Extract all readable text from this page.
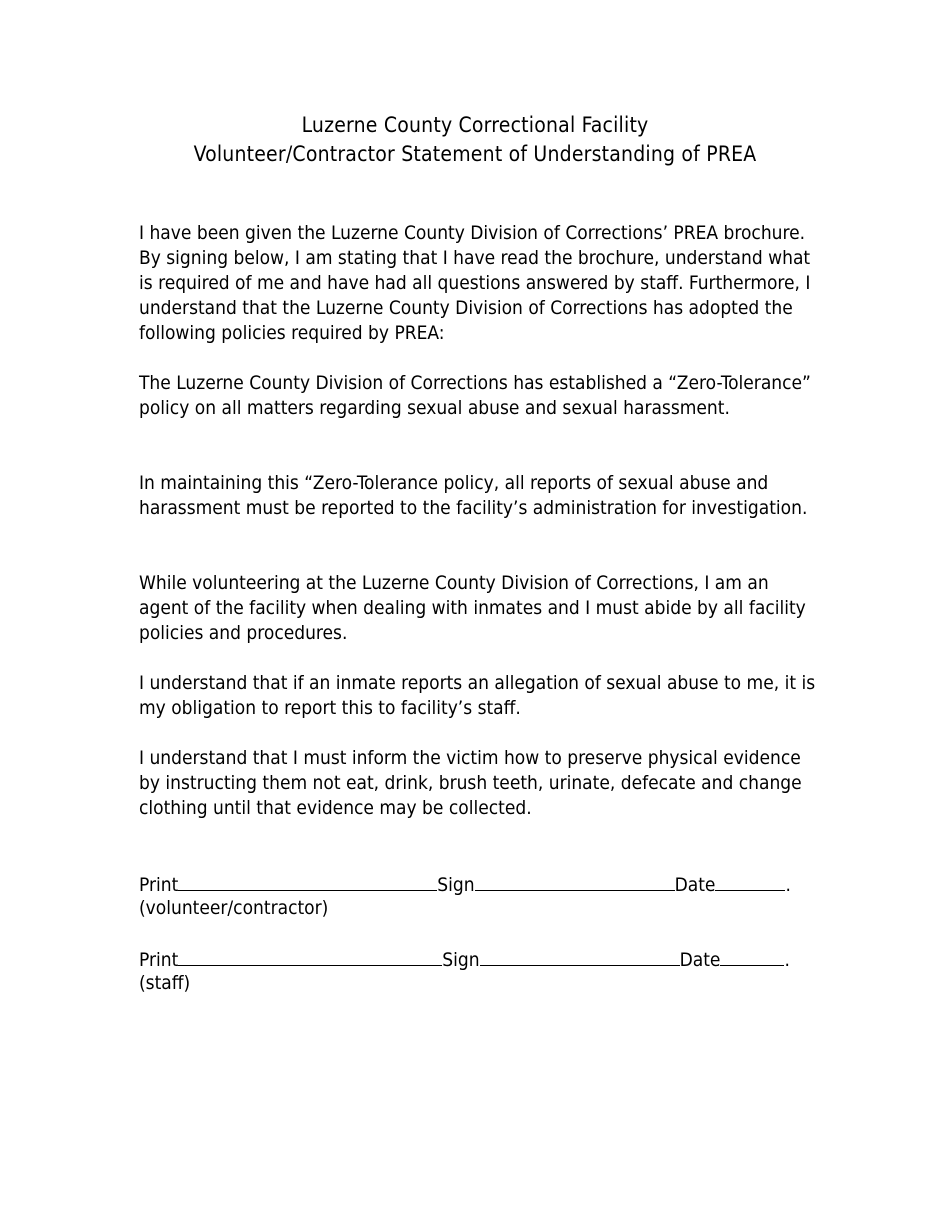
Luzerne County Correctional Facility
Volunteer/Contractor Statement of Understanding of PREA

I have been given the Luzerne County Division of Corrections’ PREA brochure. By signing below, I am stating that I have read the brochure, understand what is required of me and have had all questions answered by staff. Furthermore, I understand that the Luzerne County Division of Corrections has adopted the following policies required by PREA:

The Luzerne County Division of Corrections has established a “Zero-Tolerance” policy on all matters regarding sexual abuse and sexual harassment.

In maintaining this “Zero-Tolerance policy, all reports of sexual abuse and harassment must be reported to the facility’s administration for investigation.

While volunteering at the Luzerne County Division of Corrections, I am an agent of the facility when dealing with inmates and I must abide by all facility policies and procedures.

I understand that if an inmate reports an allegation of sexual abuse to me, it is my obligation to report this to facility’s staff.

I understand that I must inform the victim how to preserve physical evidence by instructing them not eat, drink, brush teeth, urinate, defecate and change clothing until that evidence may be collected.

Print	Sign	Date	.
(volunteer/contractor)
Print	Sign	Date	.
(staff)
